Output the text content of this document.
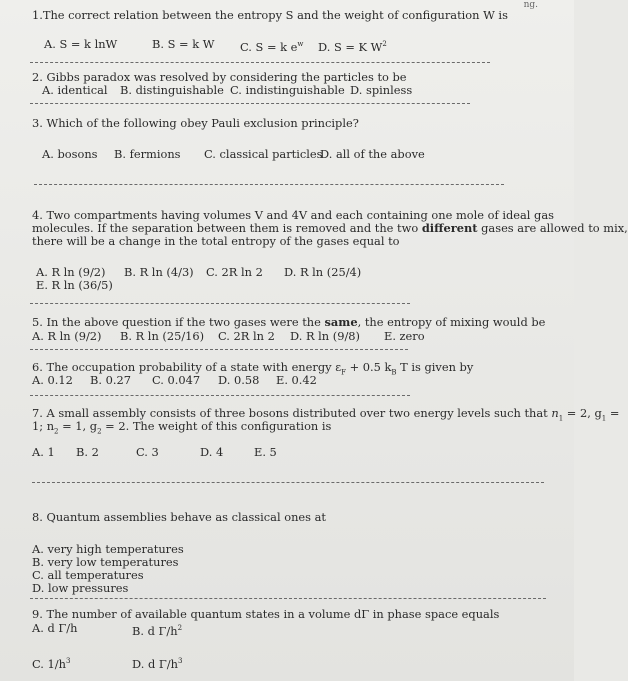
ng.
1.The correct relation between the entropy S and the weight of configuration W is
A. S = k lnW	B. S = k W C. S = k $e^w$ D. S = K $W^2$
2. Gibbs paradox was resolved by considering the particles to be
A. identical B. distinguishable C. indistinguishable D. spinless
3. Which of the following obey Pauli exclusion principle?
A. bosons B. fermions C. classical particles
D. all of the above
4. Two compartments having volumes V and 4V and each containing one mole of ideal gas
molecules. If the separation between them is removed and the two different gases are allowed to mix,
there will be a change in the total entropy of the gases equal to
A. R ln (9/2) B. R ln (4/3) C. 2R ln 2 D. R ln (25/4)
E. R ln (36/5)
5. In the above question if the two gases were the same, the entropy of mixing would be
A. R ln (9/2) B. R ln (25/16) C. 2R ln 2 D. R ln (9/8) E. zero
6. The occupation probability of a state with energy $\varepsilon_F + 0.5$ $k_B$ T is given by
A. 0.12 B. 0.27 C. 0.047 D. 0.58 E. 0.42
7. A small assembly consists of three bosons distributed over two energy levels such that $n_1 = 2$, $g_1$ =
1; $n_2 = 1$, $g_2 = 2$. The weight of this configuration is
A. 1 B. 2	C. 3	D. 4	E. 5
8. Quantum assemblies behave as classical ones at
A. very high temperatures
B. very low temperatures
C. all temperatures
D. low pressures
9. The number of available quantum states in a volume dΓ in phase space equals
A. d Γ/h	B. d $\Gamma/h^2$
C. $1/h^3$	D. d $\Gamma/h^3$
